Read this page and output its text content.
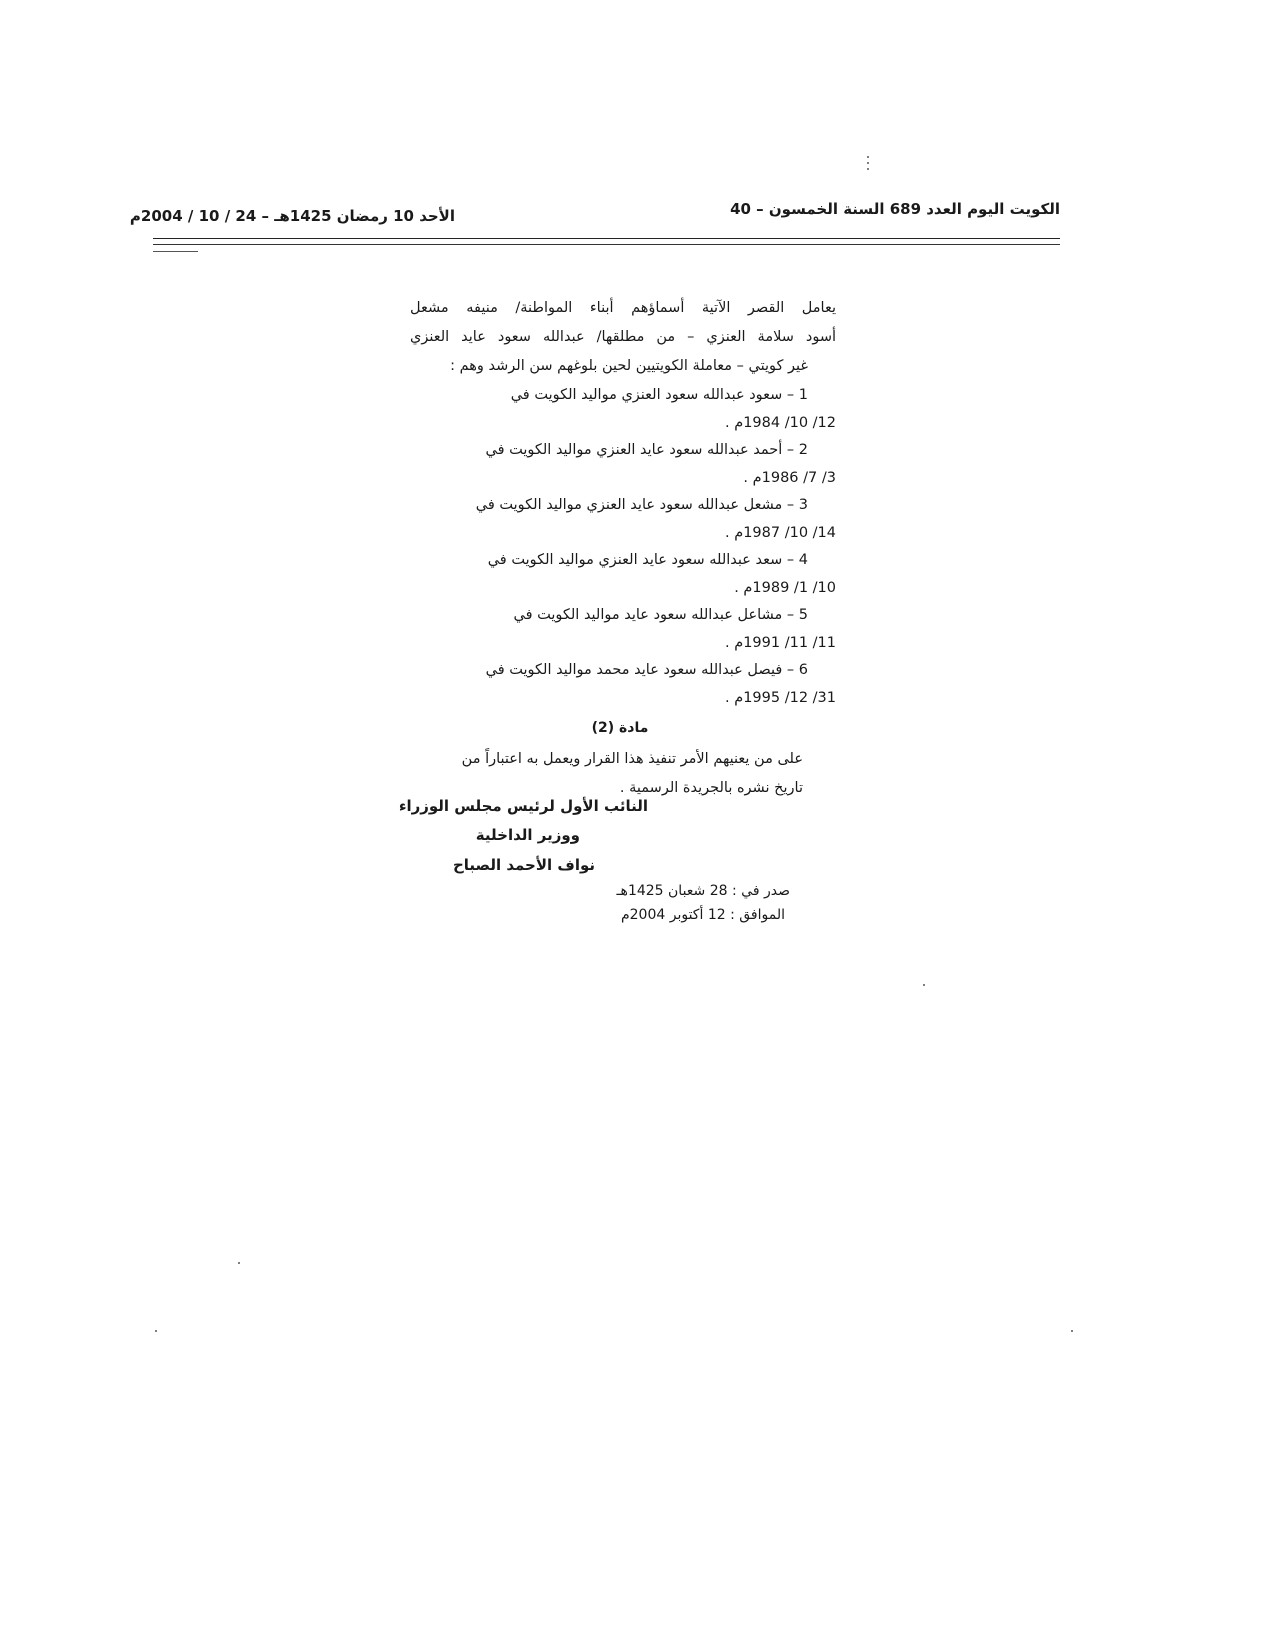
الكويت اليوم العدد 689 السنة الخمسون – 40
الأحد 10 رمضان 1425هـ – 24 / 10 / 2004م
يعامل القصر الآتية أسماؤهم أبناء المواطنة/ منيفه مشعل
أسود سلامة العنزي – من مطلقها/ عبدالله سعود عايد العنزي
غير كويتي – معاملة الكويتيين لحين بلوغهم سن الرشد وهم :
1 – سعود عبدالله سعود العنزي مواليد الكويت في
12/ 10/ 1984م .
2 – أحمد عبدالله سعود عايد العنزي مواليد الكويت في
3/ 7/ 1986م .
3 – مشعل عبدالله سعود عايد العنزي مواليد الكويت في
14/ 10/ 1987م .
4 – سعد عبدالله سعود عايد العنزي مواليد الكويت في
10/ 1/ 1989م .
5 – مشاعل عبدالله سعود عايد مواليد الكويت في
11/ 11/ 1991م .
6 – فيصل عبدالله سعود عايد محمد مواليد الكويت في
31/ 12/ 1995م .
مادة (2)
على من يعنيهم الأمر تنفيذ هذا القرار ويعمل به اعتباراً من
تاريخ نشره بالجريدة الرسمية .
النائب الأول لرئيس مجلس الوزراء
ووزير الداخلية
نواف الأحمد الصباح
صدر في : 28 شعبان 1425هـ
الموافق : 12 أكتوبر 2004م
